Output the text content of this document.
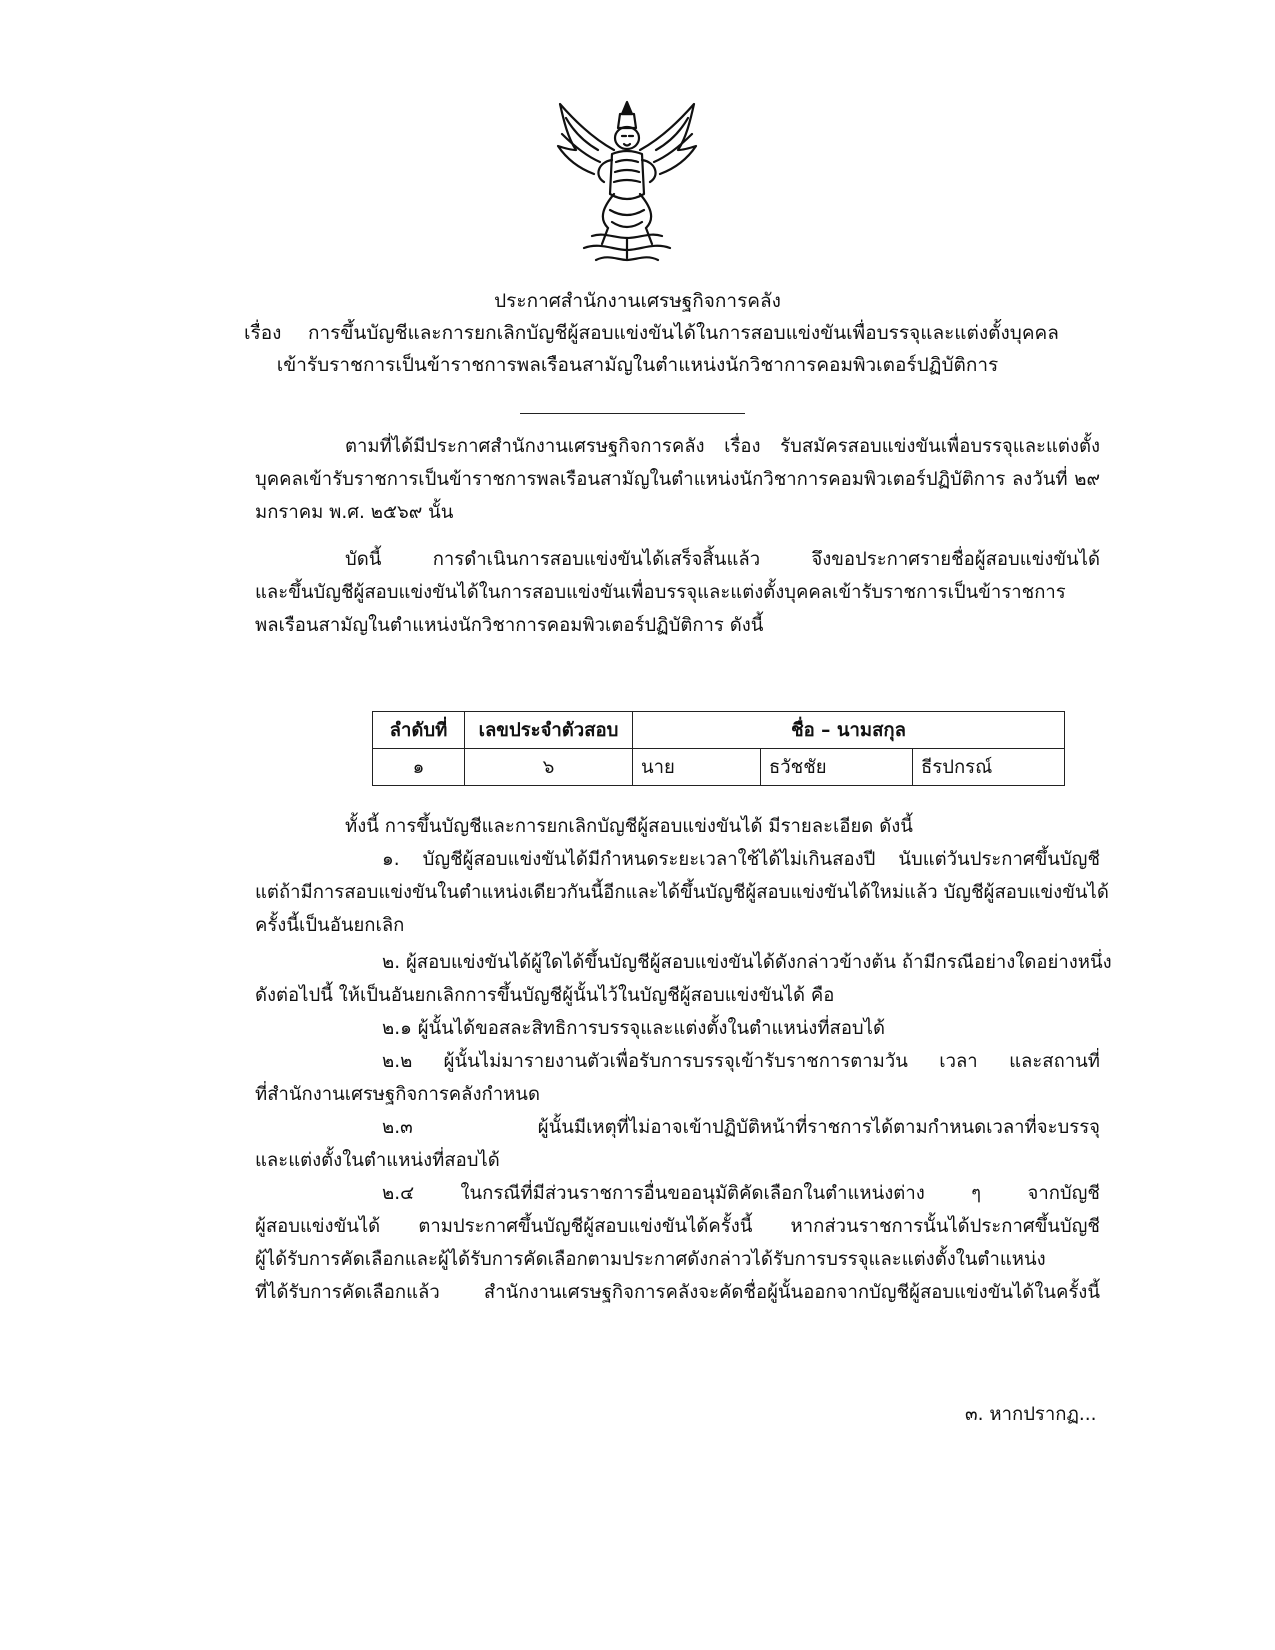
ประกาศสำนักงานเศรษฐกิจการคลัง
เรื่อง การขึ้นบัญชีและการยกเลิกบัญชีผู้สอบแข่งขันได้ในการสอบแข่งขันเพื่อบรรจุและแต่งตั้งบุคคล
เข้ารับราชการเป็นข้าราชการพลเรือนสามัญในตำแหน่งนักวิชาการคอมพิวเตอร์ปฏิบัติการ
ตามที่ได้มีประกาศสำนักงานเศรษฐกิจการคลัง เรื่อง รับสมัครสอบแข่งขันเพื่อบรรจุและแต่งตั้ง
บุคคลเข้ารับราชการเป็นข้าราชการพลเรือนสามัญในตำแหน่งนักวิชาการคอมพิวเตอร์ปฏิบัติการ ลงวันที่ ๒๙
มกราคม พ.ศ. ๒๕๖๙ นั้น
บัดนี้ การดำเนินการสอบแข่งขันได้เสร็จสิ้นแล้ว จึงขอประกาศรายชื่อผู้สอบแข่งขันได้
และขึ้นบัญชีผู้สอบแข่งขันได้ในการสอบแข่งขันเพื่อบรรจุและแต่งตั้งบุคคลเข้ารับราชการเป็นข้าราชการ
พลเรือนสามัญในตำแหน่งนักวิชาการคอมพิวเตอร์ปฏิบัติการ ดังนี้
ลำดับที่	เลขประจำตัวสอบ	ชื่อ – นามสกุล		
๑	๖	นาย	ธวัชชัย	ธีรปกรณ์
ทั้งนี้ การขึ้นบัญชีและการยกเลิกบัญชีผู้สอบแข่งขันได้ มีรายละเอียด ดังนี้
๑. บัญชีผู้สอบแข่งขันได้มีกำหนดระยะเวลาใช้ได้ไม่เกินสองปี นับแต่วันประกาศขึ้นบัญชี
แต่ถ้ามีการสอบแข่งขันในตำแหน่งเดียวกันนี้อีกและได้ขึ้นบัญชีผู้สอบแข่งขันได้ใหม่แล้ว บัญชีผู้สอบแข่งขันได้
ครั้งนี้เป็นอันยกเลิก
๒. ผู้สอบแข่งขันได้ผู้ใดได้ขึ้นบัญชีผู้สอบแข่งขันได้ดังกล่าวข้างต้น ถ้ามีกรณีอย่างใดอย่างหนึ่ง
ดังต่อไปนี้ ให้เป็นอันยกเลิกการขึ้นบัญชีผู้นั้นไว้ในบัญชีผู้สอบแข่งขันได้ คือ
๒.๑ ผู้นั้นได้ขอสละสิทธิการบรรจุและแต่งตั้งในตำแหน่งที่สอบได้
๒.๒ ผู้นั้นไม่มารายงานตัวเพื่อรับการบรรจุเข้ารับราชการตามวัน เวลา และสถานที่
ที่สำนักงานเศรษฐกิจการคลังกำหนด
๒.๓ ผู้นั้นมีเหตุที่ไม่อาจเข้าปฏิบัติหน้าที่ราชการได้ตามกำหนดเวลาที่จะบรรจุ
และแต่งตั้งในตำแหน่งที่สอบได้
๒.๔ ในกรณีที่มีส่วนราชการอื่นขออนุมัติคัดเลือกในตำแหน่งต่าง ๆ จากบัญชี
ผู้สอบแข่งขันได้ ตามประกาศขึ้นบัญชีผู้สอบแข่งขันได้ครั้งนี้ หากส่วนราชการนั้นได้ประกาศขึ้นบัญชี
ผู้ได้รับการคัดเลือกและผู้ได้รับการคัดเลือกตามประกาศดังกล่าวได้รับการบรรจุและแต่งตั้งในตำแหน่ง
ที่ได้รับการคัดเลือกแล้ว สำนักงานเศรษฐกิจการคลังจะคัดชื่อผู้นั้นออกจากบัญชีผู้สอบแข่งขันได้ในครั้งนี้
๓. หากปรากฏ...
